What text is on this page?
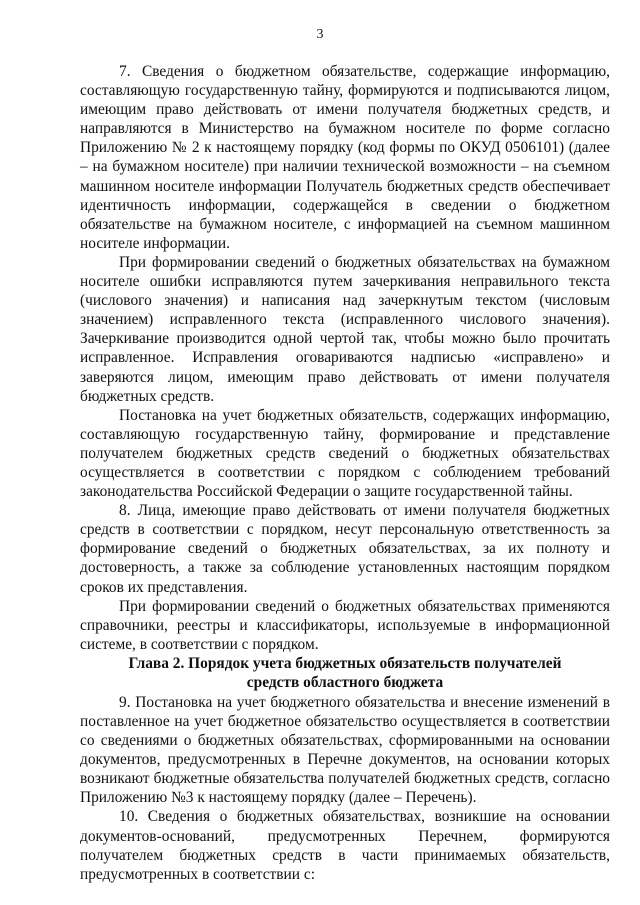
3

7. Сведения о бюджетном обязательстве, содержащие информацию, составляющую государственную тайну, формируются и подписываются лицом, имеющим право действовать от имени получателя бюджетных средств, и направляются в Министерство на бумажном носителе по форме согласно Приложению № 2 к настоящему порядку (код формы по ОКУД 0506101) (далее – на бумажном носителе) при наличии технической возможности – на съемном машинном носителе информации Получатель бюджетных средств обеспечивает идентичность информации, содержащейся в сведении о бюджетном обязательстве на бумажном носителе, с информацией на съемном машинном носителе информации.

При формировании сведений о бюджетных обязательствах на бумажном носителе ошибки исправляются путем зачеркивания неправильного текста (числового значения) и написания над зачеркнутым текстом (числовым значением) исправленного текста (исправленного числового значения). Зачеркивание производится одной чертой так, чтобы можно было прочитать исправленное. Исправления оговариваются надписью «исправлено» и заверяются лицом, имеющим право действовать от имени получателя бюджетных средств.

Постановка на учет бюджетных обязательств, содержащих информацию, составляющую государственную тайну, формирование и представление получателем бюджетных средств сведений о бюджетных обязательствах осуществляется в соответствии с порядком с соблюдением требований законодательства Российской Федерации о защите государственной тайны.

8. Лица, имеющие право действовать от имени получателя бюджетных средств в соответствии с порядком, несут персональную ответственность за формирование сведений о бюджетных обязательствах, за их полноту и достоверность, а также за соблюдение установленных настоящим порядком сроков их представления.

При формировании сведений о бюджетных обязательствах применяются справочники, реестры и классификаторы, используемые в информационной системе, в соответствии с порядком.

Глава 2. Порядок учета бюджетных обязательств получателей
средств областного бюджета

9. Постановка на учет бюджетного обязательства и внесение изменений в поставленное на учет бюджетное обязательство осуществляется в соответствии со сведениями о бюджетных обязательствах, сформированными на основании документов, предусмотренных в Перечне документов, на основании которых возникают бюджетные обязательства получателей бюджетных средств, согласно Приложению №3 к настоящему порядку (далее – Перечень).

10. Сведения о бюджетных обязательствах, возникшие на основании документов-оснований, предусмотренных Перечнем, формируются получателем бюджетных средств в части принимаемых обязательств, предусмотренных в соответствии с:
